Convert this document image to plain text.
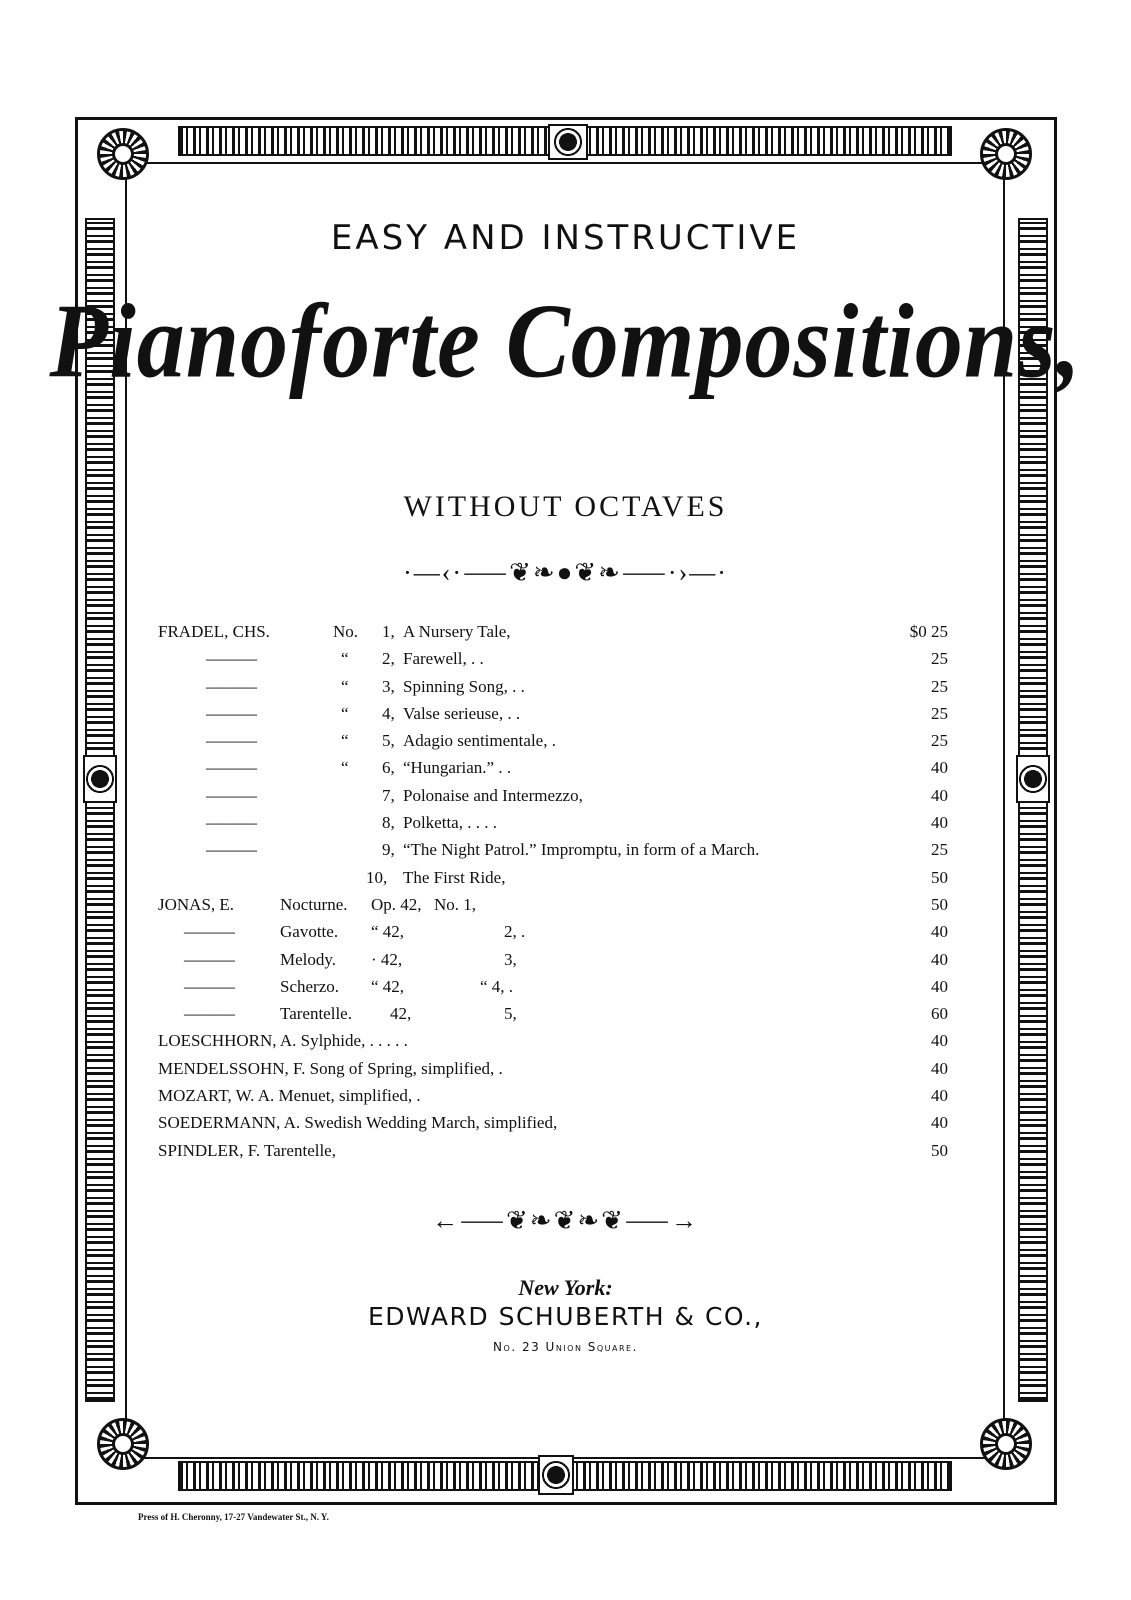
EASY AND INSTRUCTIVE
Pianoforte Compositions,
WITHOUT OCTAVES
·—‹·⸺❦❧●❦❧⸺·›—·
FRADEL, CHS.	No. 1, A Nursery Tale,	$0 25
———	“ 2, Farewell, . .	25
———	“ 3, Spinning Song, . .	25
———	“ 4, Valse serieuse, . .	25
———	“ 5, Adagio sentimentale, .	25
———	“ 6, “Hungarian.” . .	40
———	7, Polonaise and Intermezzo,	40
———	8, Polketta, . . . .	40
———	9, “The Night Patrol.” Impromptu, in form of a March.	25
10, The First Ride,	50
JONAS, E.	Nocturne. Op. 42, No. 1,	50
———	Gavotte. “ 42,	2, .	40
———	Melody. · 42,	3,	40
———	Scherzo. “ 42,	“ 4, .	40
———	Tarentelle. 42,	5,	60
LOESCHHORN, A. Sylphide, . . . . .	40
MENDELSSOHN, F. Song of Spring, simplified, .	40
MOZART, W. A. Menuet, simplified, .	40
SOEDERMANN, A. Swedish Wedding March, simplified,	40
SPINDLER, F. Tarentelle,	50
←⸺❦❧❦❧❦⸺→
New York:
EDWARD SCHUBERTH & CO.,
No. 23 Union Square.
Press of H. Cheronny, 17-27 Vandewater St., N. Y.
